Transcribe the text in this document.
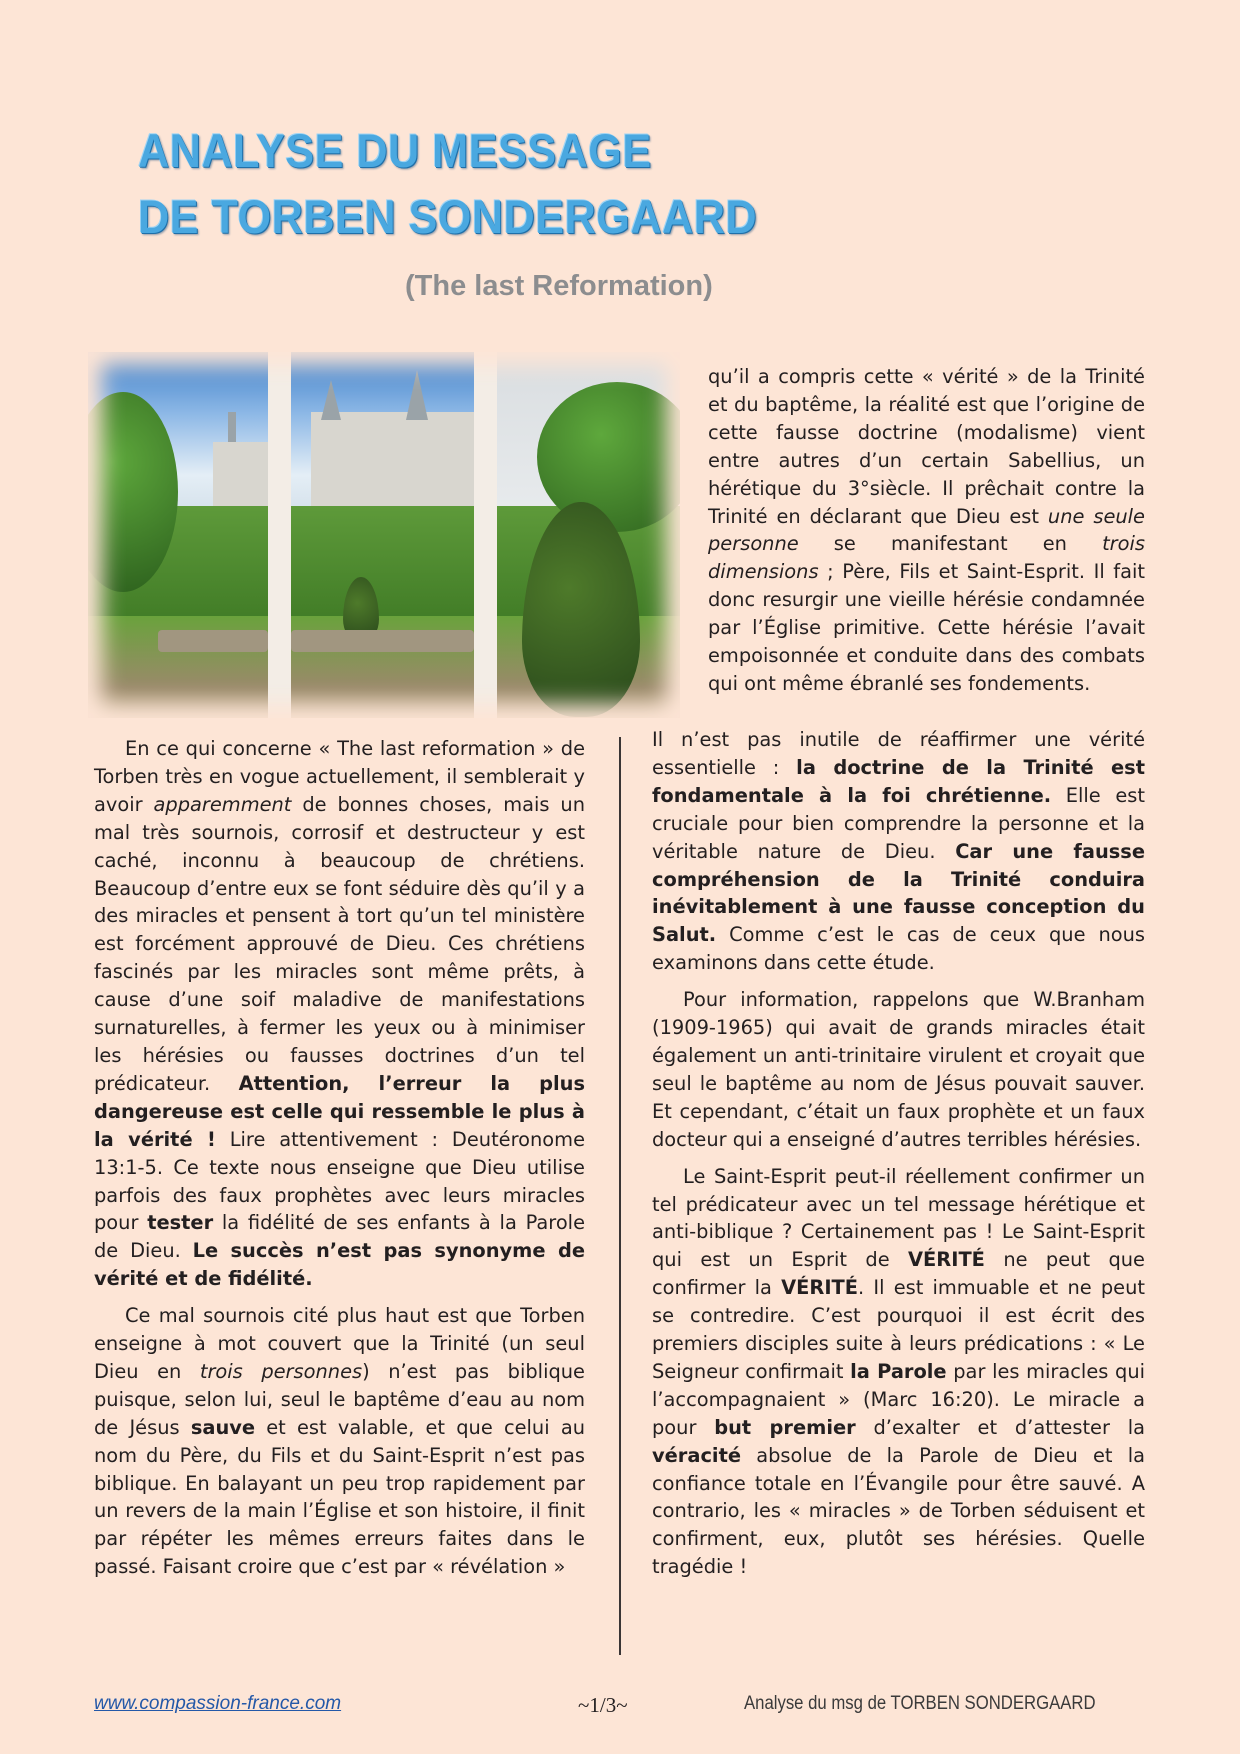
ANALYSE DU MESSAGE
DE TORBEN SONDERGAARD
(The last Reformation)

qu’il a compris cette « vérité » de la Trinité et du baptême, la réalité est que l’origine de cette fausse doctrine (modalisme) vient entre autres d’un certain Sabellius, un hérétique du 3°siècle. Il prêchait contre la Trinité en déclarant que Dieu est une seule personne se manifestant en trois dimensions ; Père, Fils et Saint-Esprit. Il fait donc resurgir une vieille hérésie condamnée par l’Église primitive. Cette hérésie l’avait empoisonnée et conduite dans des combats qui ont même ébranlé ses fondements.

En ce qui concerne « The last reformation » de Torben très en vogue actuellement, il semblerait y avoir apparemment de bonnes choses, mais un mal très sournois, corrosif et destructeur y est caché, inconnu à beaucoup de chrétiens. Beaucoup d’entre eux se font séduire dès qu’il y a des miracles et pensent à tort qu’un tel ministère est forcément approuvé de Dieu. Ces chrétiens fascinés par les miracles sont même prêts, à cause d’une soif maladive de manifestations surnaturelles, à fermer les yeux ou à minimiser les hérésies ou fausses doctrines d’un tel prédicateur. Attention, l’erreur la plus dangereuse est celle qui ressemble le plus à la vérité ! Lire attentivement : Deutéronome 13:1-5. Ce texte nous enseigne que Dieu utilise parfois des faux prophètes avec leurs miracles pour tester la fidélité de ses enfants à la Parole de Dieu. Le succès n’est pas synonyme de vérité et de fidélité.

Ce mal sournois cité plus haut est que Torben enseigne à mot couvert que la Trinité (un seul Dieu en trois personnes) n’est pas biblique puisque, selon lui, seul le baptême d’eau au nom de Jésus sauve et est valable, et que celui au nom du Père, du Fils et du Saint-Esprit n’est pas biblique. En balayant un peu trop rapidement par un revers de la main l’Église et son histoire, il finit par répéter les mêmes erreurs faites dans le passé. Faisant croire que c’est par « révélation »

Il n’est pas inutile de réaffirmer une vérité essentielle : la doctrine de la Trinité est fondamentale à la foi chrétienne. Elle est cruciale pour bien comprendre la personne et la véritable nature de Dieu. Car une fausse compréhension de la Trinité conduira inévitablement à une fausse conception du Salut. Comme c’est le cas de ceux que nous examinons dans cette étude.

Pour information, rappelons que W.Branham (1909-1965) qui avait de grands miracles était également un anti-trinitaire virulent et croyait que seul le baptême au nom de Jésus pouvait sauver. Et cependant, c’était un faux prophète et un faux docteur qui a enseigné d’autres terribles hérésies.

Le Saint-Esprit peut-il réellement confirmer un tel prédicateur avec un tel message hérétique et anti-biblique ? Certainement pas ! Le Saint-Esprit qui est un Esprit de VÉRITÉ ne peut que confirmer la VÉRITÉ. Il est immuable et ne peut se contredire. C’est pourquoi il est écrit des premiers disciples suite à leurs prédications : « Le Seigneur confirmait la Parole par les miracles qui l’accompagnaient » (Marc 16:20). Le miracle a pour but premier d’exalter et d’attester la véracité absolue de la Parole de Dieu et la confiance totale en l’Évangile pour être sauvé. A contrario, les « miracles » de Torben séduisent et confirment, eux, plutôt ses hérésies. Quelle tragédie !

www.compassion-france.com	~1/3~	Analyse du msg de TORBEN SONDERGAARD
